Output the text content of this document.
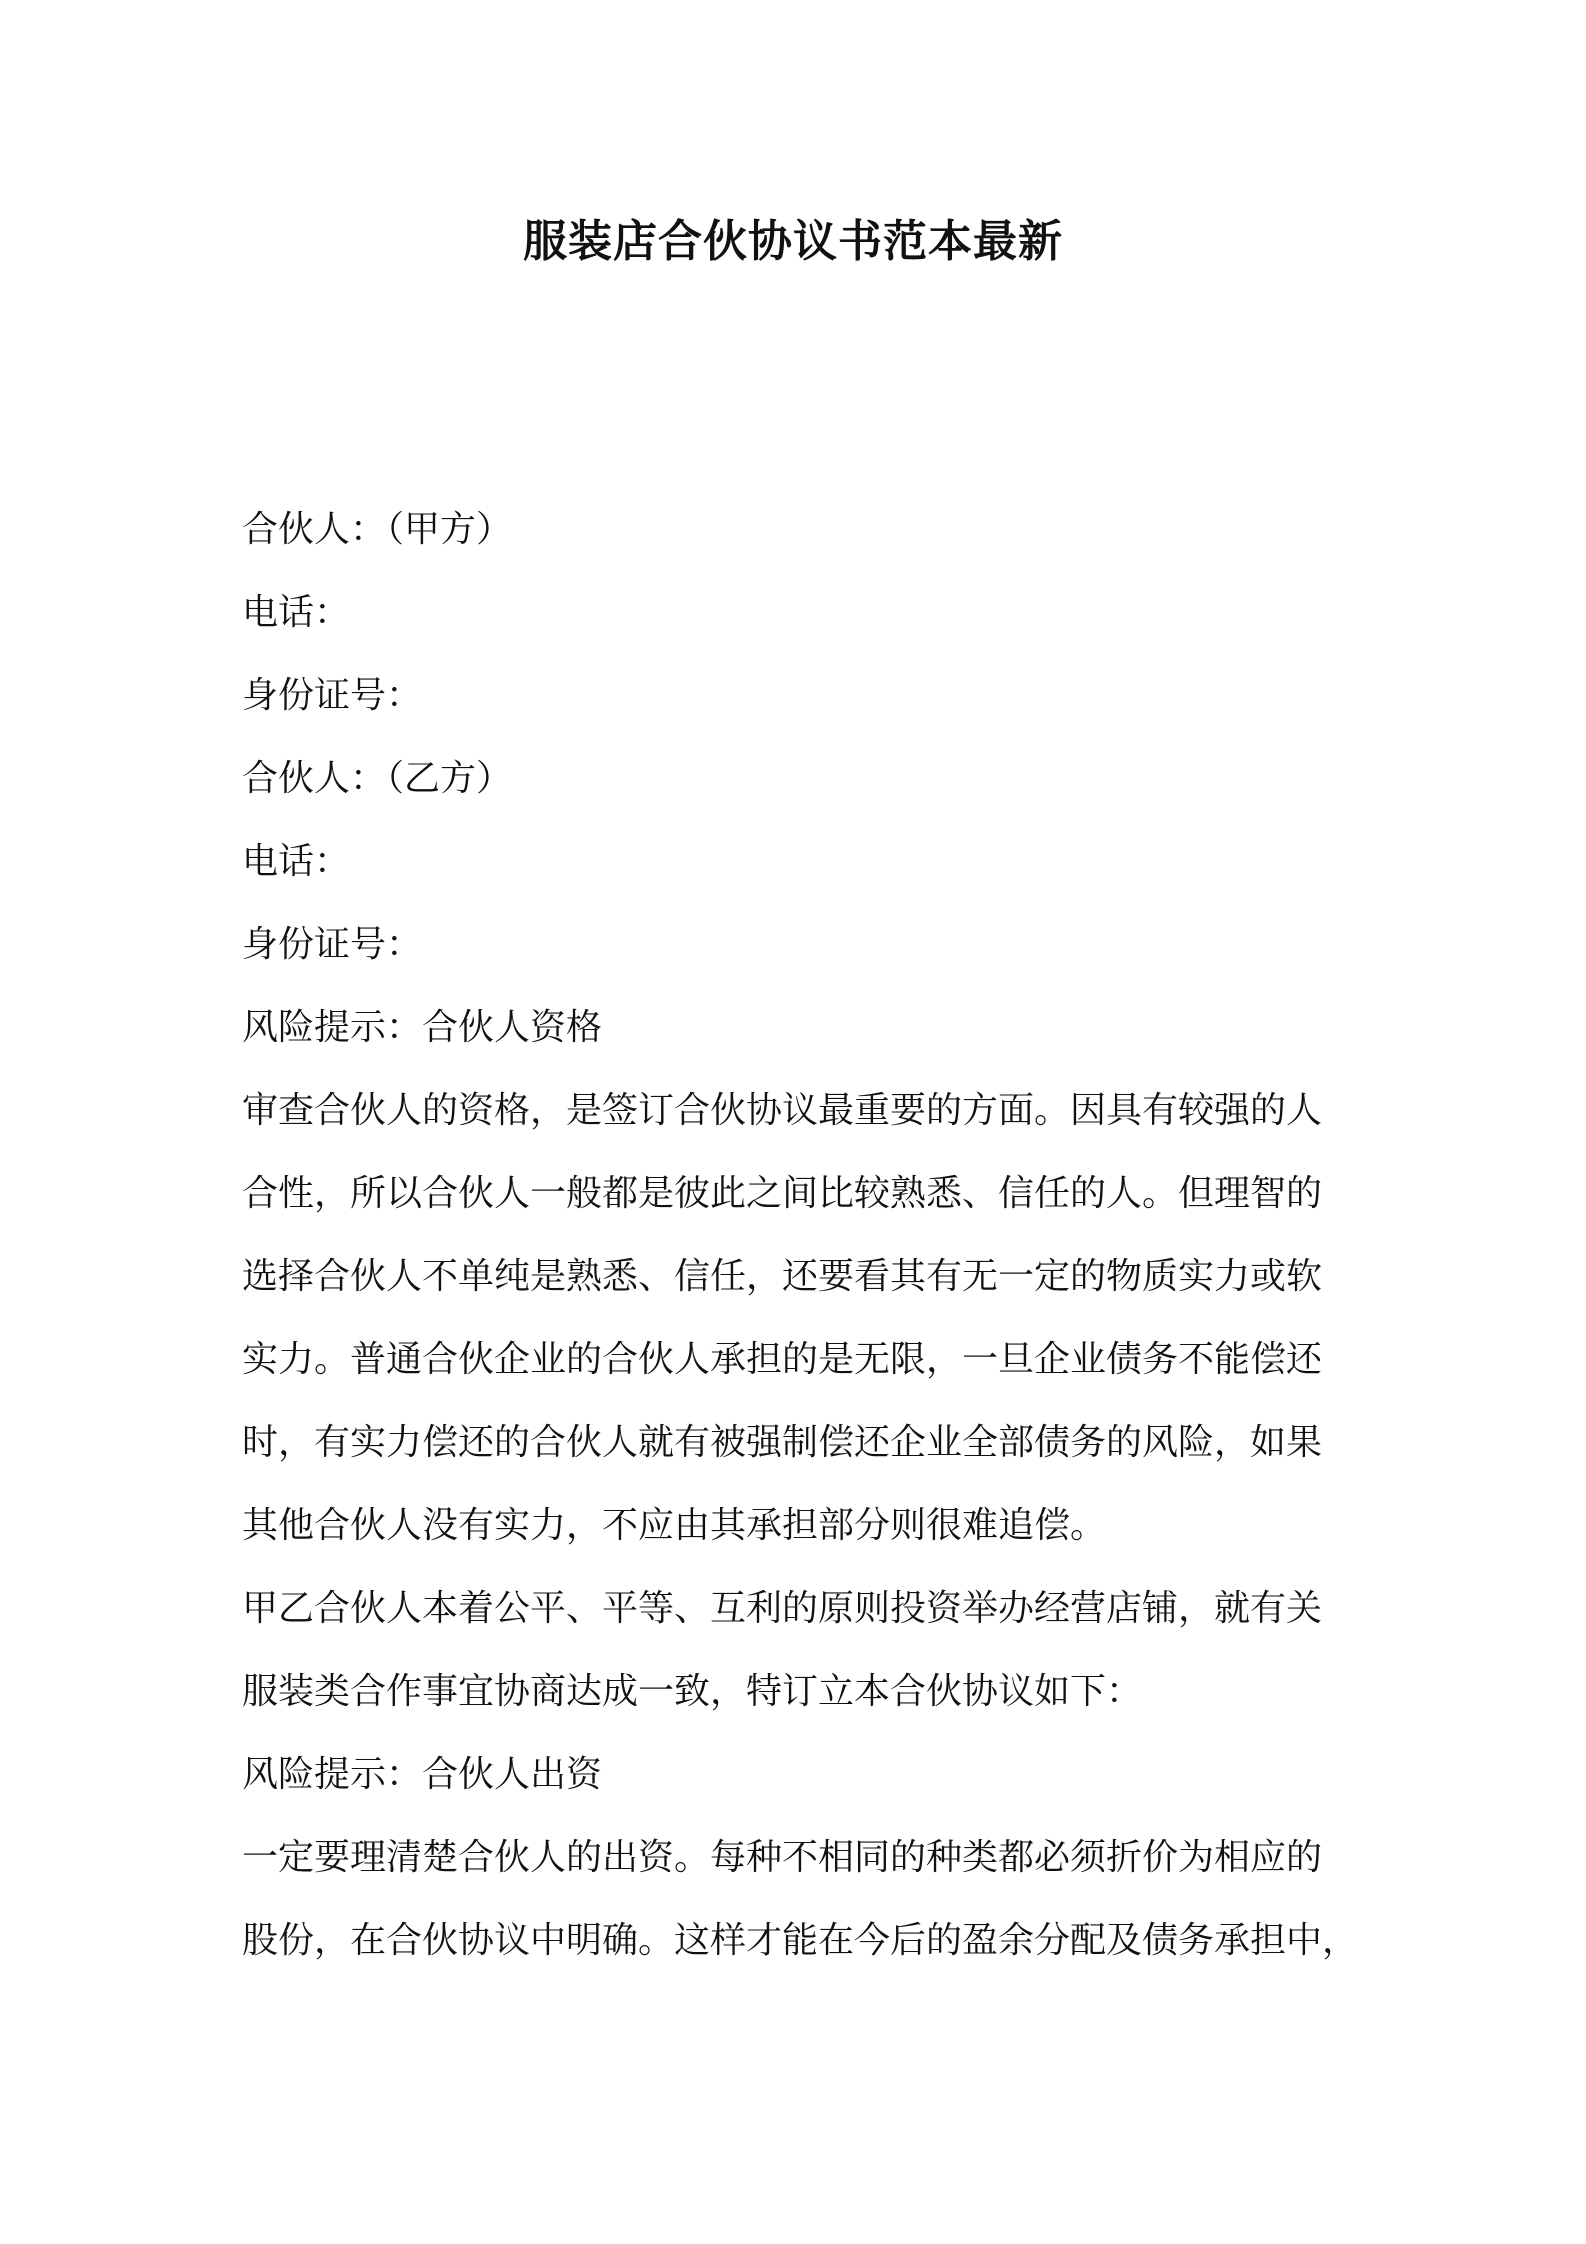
服装店合伙协议书范本最新
合伙人：（甲方）
电话：
身份证号：
合伙人：（乙方）
电话：
身份证号：
风险提示：合伙人资格
审查合伙人的资格，是签订合伙协议最重要的方面。因具有较强的人
合性，所以合伙人一般都是彼此之间比较熟悉、信任的人。但理智的
选择合伙人不单纯是熟悉、信任，还要看其有无一定的物质实力或软
实力。普通合伙企业的合伙人承担的是无限，一旦企业债务不能偿还
时，有实力偿还的合伙人就有被强制偿还企业全部债务的风险，如果
其他合伙人没有实力，不应由其承担部分则很难追偿。
甲乙合伙人本着公平、平等、互利的原则投资举办经营店铺，就有关
服装类合作事宜协商达成一致，特订立本合伙协议如下：
风险提示：合伙人出资
一定要理清楚合伙人的出资。每种不相同的种类都必须折价为相应的
股份，在合伙协议中明确。这样才能在今后的盈余分配及债务承担中，
